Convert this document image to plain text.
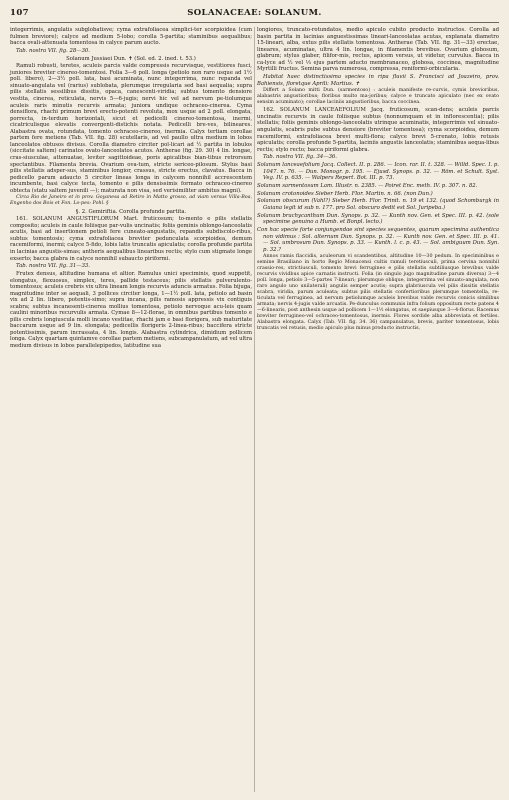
107	SOLANACEAE: SOLANUM.

integerrimis, angulatis subglobatisve; cyma extrafoliacea simplici-ter scorpioidea (cum fulmen breviore); calyce ad medium 5-lobo; corolla 5-partita; staminibus aequalibus; bacca ovali-attenuata tomentosa in calyce parum aucto.

Tab. nostra VII. fig. 28—30.

Solanum Jussiaei Dun. ✝ (Sol. ed. 2. ined. t. 53.)

Ramuli robusti, teretes, aculeis parcis valde compressis recurvisque, vestitiores fusci, juniores breviter cinereo-tomentosi. Folia 3—6 poll. longa (petiolo non raro usque ad 1½ poll. libero), 2—3½ poll. lata, basi acuminata, nunc integerrima, nunc repanda vel sinuato-angulata vel (rarius) sublobata, plerumque irregularia sed basi aequalia; supra pilis stellatis sessilibus dissitis, opaca, canescenti-viridia; subtus tomento densiore vestita, cinerea, reticulata, nervis 5—6-jugis; nervi hic vel ad nervum pe-tiolumque aculeis raris minutis recurvis armata; juniora undique ochraceo-cinerea. Cyma densiflora, rhachi primum brevi erecto-potenti revoluta, mox usque ad 2 poll. elongata, porrecta, in-terdum horizontali, sicut et pedicelli cinereo-tomentosa, inermi, cicatriculisque elevatis convergenti-distichis notata. Pedicelli bre-ves, bilineares. Alabastra ovata, rotundata, tomento ochraceo-cinereo, inermia. Calyx tertiam corollae partem fere metiens (Tab. VII. fig. 28) scutellaris, ad vel paullo ultra medium in lobos lanceolatos obtusos divisus. Corolla diametro circiter pol-licari ad ½ partita in lobulos (siccitate saltem) carinatos ovato-lanceolatos acutos. Antherae (fig. 29. 30) 4 lin. longae, cras-siusculae, attenuatae, leviter sagittoideae, poris apicalibus bian-tibus retrorsum spectantibus. Filamenta brevia. Ovarium ova-tum, stricte sericeo-pilosum. Stylus basi pilis stellatis adsper-sus, staminibus longior, crassus, stricte erectus, clavatus. Bacca in pedicello parum adaucto 5 circiter lineas longa in calycem nonnihil accrescentem incumbente, basi calyce tecta, tomento e pilis densissimis formato ochraceo-cinereo obtecta (statu saltem juvenili —); maturata non visa, sed verisimiliter ambitus magni).

Circa Rio de Janeiro et in prov. Goyanesa ad Retiro in Matto grosso, ad viam versus Villa-Boa, Engenho dos Bois et Fon. Lo-pes: Pohl. §

§. 2. Gemiriftia. Corolla profunde partita.

161. SOLANUM ANGUSTIFLORUM Mart. fruticosum; to-mento e pilis stellatis composito; aculeis in caule foliisque par-vulis uncinatis; foliis geminis oblongo-lanceolatis acutis, basi ad insertionem petioli fere cuneato-angustatis, repandis subdiscolo-ribus, subtus tomentosis; cyma extrafoliacea breviter pedunculata scorpioidea, demum racemiformi, inermi; calyce 5-fido, lobis latis truncatis apiculatis; corolla profunde partita in lacinias angustis-simas; antheris aequalibus linearibus rectis; stylo cum stigmate longe exserto; bacca glabra in calyce nonnihil subaucto piriformi.

Tab. nostra VII. fig. 31—33.

Frutex densus, altitudine humana et altior. Ramulus unici speciminis, quod suppetit, elongatus, flexuosus, simplex, teres, pallide testaceus; pilis stellatis pulverulento-tomentosus; aculeis crebris vix ultra lineam longis recurvis aduncis armatus. Folia bijuga, magnitudine inter se aequali, 3 pollices circiter longa, 1—1½ poll. lata, petiolo ad basin vix ad 2 lin. libero, potentis-simo; supra incana, pilis ramosis appressis vix contiguis scabra; subtus incanesenti-cinerea mollius tomentosa, petiolo nervoque acu-leis quam caulini minoribus recurvulis armata. Cymae 8—12-florae, in omnibus partibus tomento e pilis crebris longiuscula molli incano vestitae, rhachi jam e basi florigera, sub maturitate baccarum usque ad 9 lin. elongata; pedicellis florigeris 2-linea-ribus; baccifera stricte potentissimis, parum incrassata, 4 lin. longis. Alabastra cylindrica, dimidium pollicem longa. Calyx quartam quintamve corollae partem metiens, subcampanulatum, ad vel ultra medium divisus in lobos parallelepipedos, latitudine sua

longiores, truncato-rotundatos, medio apiculo cubito producto instructos. Corolla ad basin partita in lacinias anguestissimas lineari-lanceolatas acutas, explanata diametro 15-lineari, alba, extus pilis stellatis tomentosa. Antherae (Tab. VII. fig. 31—33) erectae, lineares, acuminatae, ultra 4 lin. longae, in filamentis brevibus. Ovarium globosum, glabrum; stylus glaber, filifor-mis, rectus, apicem versus, ut videtur, curvulus. Bacca in ca-lyce ad ½ vel ⅓ ejus partem aducto membranaceo, globosa, coccinea, magnitudine Myrtilli fructus. Semina parva numerosa, compressa, reniformi-orbicularia.

Habitat haec distinctissima species in ripa fluvii S. Francisci ad Joazeiro, prov. Bahiensis, floretque Aprili: Martius. ✝

Differt a Solano mitti Dun. (sarmentoso) : aculeis manifeste re-curvis, cymis brevioribus, alabastris angustioribus; floribus multo ma-joribus; calyce e truncato apiculato (nec ex ovato sensim acuminato); corollae laciniis angustioribus, bacca coccinea.

162. SOLANUM LANCEAEFOLIUM Jacq. fruticosum, scan-dens; aculeis parcis uncinatis recurvis in caule foliisque subtus (nonnumquam et in inflorescentia); pilis stellatis; foliis geminis oblongo-lanceolatis utrinque acuminatis, integerrimis vel sinuato-angulatis, scabris pube subtus densiore (breviter tomentosa); cyma scorpioidea, demum racemiformi, extrafoliacea brevi multi-flora; calyce brevi 5-crenato, lobis retusis apiculatis; corolla profunde 5-partita, laciniis angustis lanceolatis; staminibus aequa-libus rectis; stylo recto; bacca piriformi glabra.

Tab. nostra VII. fig. 34—36.

Solanum lanceaefolium Jacq. Collect. II. p. 286. — Icon. rar. II. t. 328. — Willd. Spec. I. p. 1047. n. 76. — Dun. Monogr. p. 195. — Ejusd. Synops. p. 32. — Röm. et Schult. Syst. Veg. IV. p. 635. — Walpers Repert. Bot. III. p. 73.

Solanum sarmentosum Lam. Illustr. n. 2385. — Poiret Enc. meth. IV. p. 307. n. 82.

Solanum crotonoides Sieber Herb. Flor. Martin. n. 66. (non Dun.)

Solanum obscurum (Vahl?) Sieber Herb. Flor. Trinit. n. 19 et 132. (quod Schomburgk in Guiana legit id sub n. 177. pro Sol. obscuro dedit est Sol. Juripeba.)

Solanum brachycanthum Dun. Synops. p. 32. — Kunth nov. Gen. et Spec. III. p. 42. (sole specimine genuino a Humb. et Bonpl. lecto.)

Con hac specie forte conjungendae sint species sequentes, quarum specimina authentica non vidimus : Sol. alternum Dun. Synops. p. 32. — Kunth nov. Gen. et Spec. III. p. 41. — Sol. umbrosum Dun. Synops. p. 33. — Kunth. l. c. p. 43. — Sol. ambiguum Dun. Syn. p. 32.?

Annos ramis flaccidis, aculeorum vi scandentibus, altitudine 10—30 pedum. In speciminibus e semine Brasiliano in horto Regio Monacensi cultis ramuli teretiusculi, prima cervina nonnihil crassio-res, strictiusculi, tomento brevi ferrugineo e pilis stellatis subtiliusque brevibus valde recurvis vividbus apice carnatis instructi. Folia (in singulo jugo magnitudine parum diversa) 3—4 poll. longa, petiolo 3—5-partes 7-lineari; plerumque oblique, integerrima vel sinuato-angulata, non raro angulo uno unilaterali) angulis semper acutis; supra glabriuscula vel pilis dissitis stellatis scabra, viridia, parum aculeata; subtus pilis stellatis confertioribus plerumque tomentella, re-ticulata vel ferruginea, ad nervum petiolumque aculeis brevibus valde recurvis conicis similibus armata; nervis 4-jugis valde arcuatis. Pe-dunculus communis infra folium oppositum recte patens 4—6-linearis, post anthesin usque ad pollicem 1—1½ elongatus, et saepiusque 3—4-florus. Racemus breviter ferrugineo-vel ochraceo-tomentosus, inermis. Flores sordide alba abbreviata et fertiles. Alabastra elongata. Calyx (Tab. VII. fig. 34. 36) campanulatus, brevis, pariter tomentosus, lobis truncatis vel retusis, medio apiculo plus minus producto instructis,
